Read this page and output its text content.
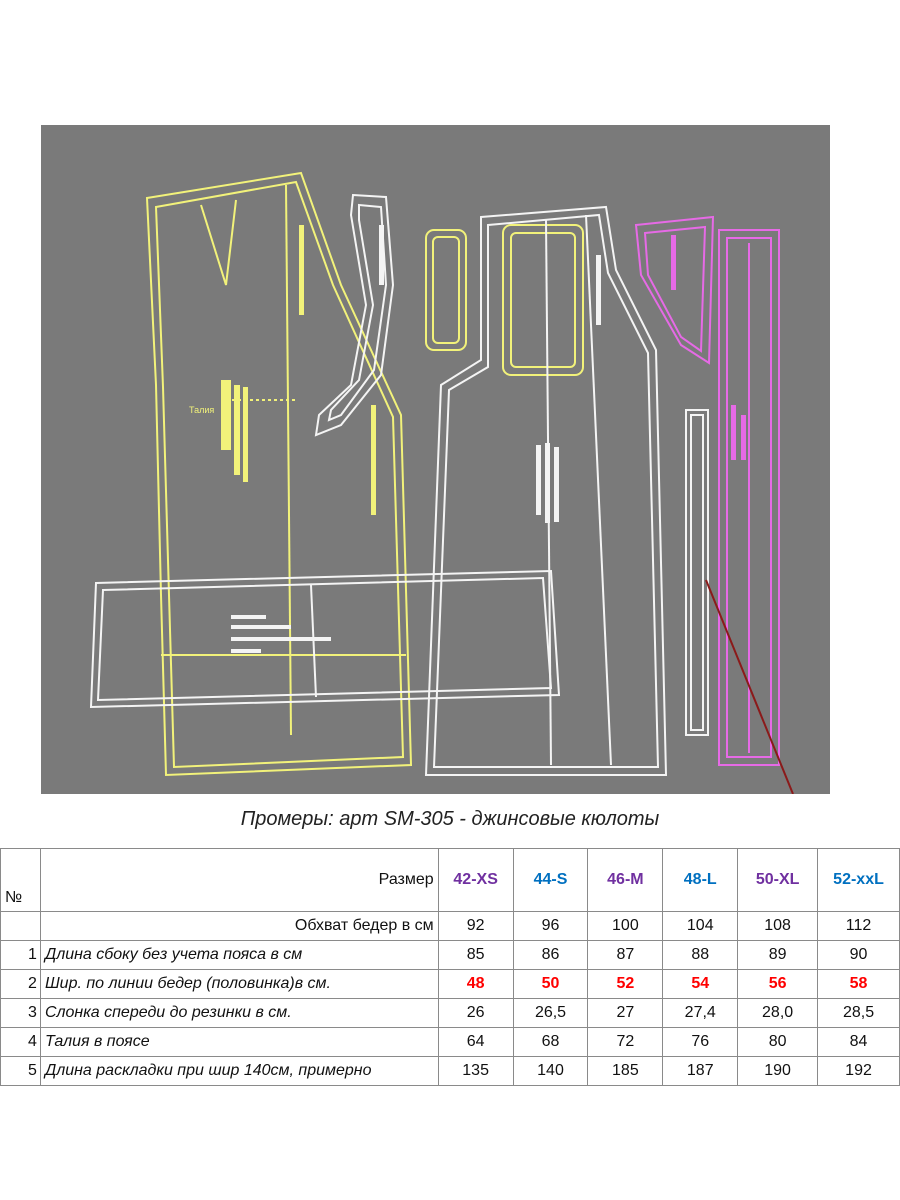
Талия
Промеры: арт SM-305 - джинсовые кюлоты
№	Размер	42-XS	44-S	46-M	48-L	50-XL	52-xxL
	Обхват бедер в см	92	96	100	104	108	112
1	Длина сбоку без учета пояса в см	85	86	87	88	89	90
2	Шир. по линии бедер (половинка)в см.	48	50	52	54	56	58
3	Слонка спереди до резинки в см.	26	26,5	27	27,4	28,0	28,5
4	Талия в поясе	64	68	72	76	80	84
5	Длина раскладки при шир 140см, примерно	135	140	185	187	190	192
